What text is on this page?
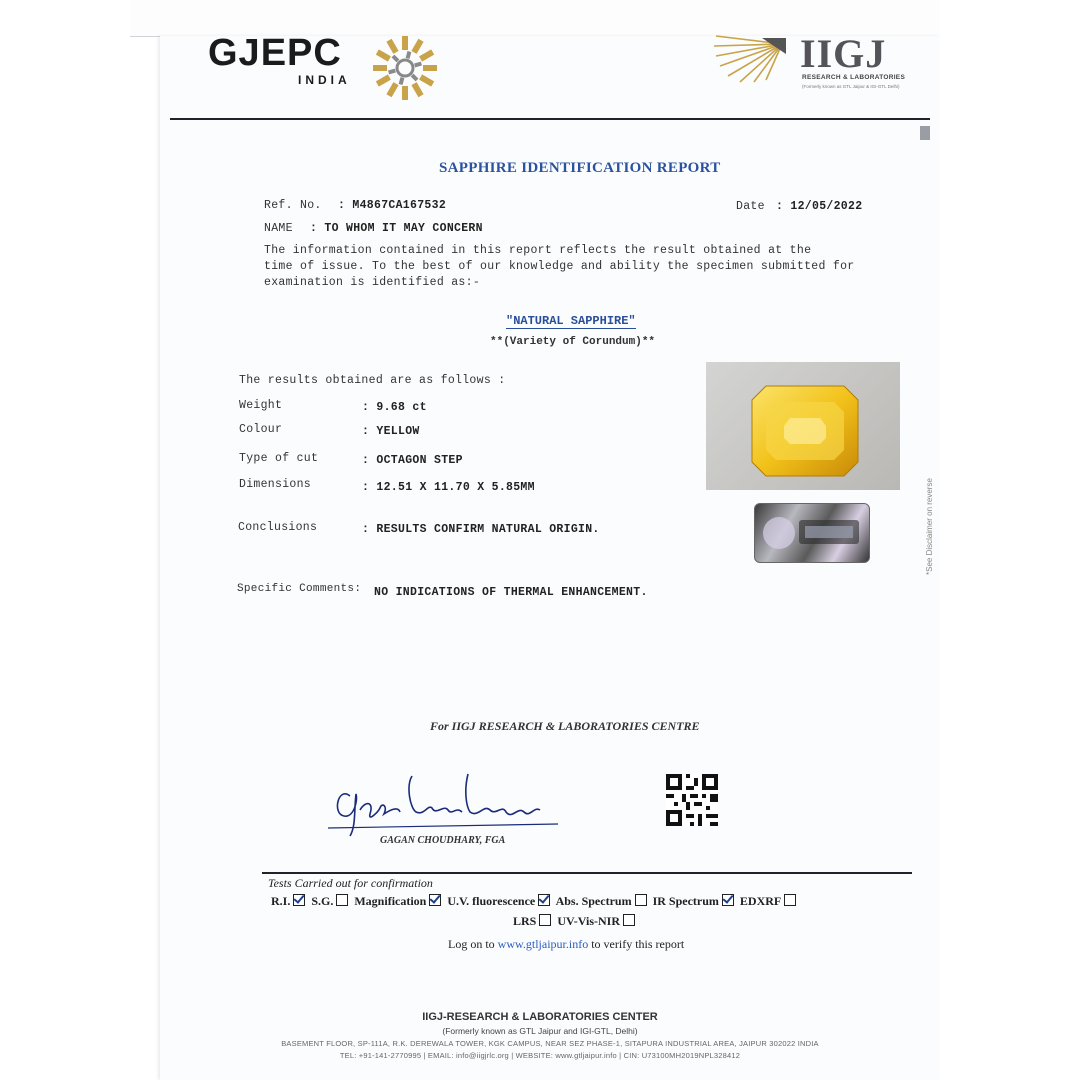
GJEPC
INDIA
IIGJ
RESEARCH & LABORATORIES
(Formerly known as GTL Jaipur & IGI-GTL Delhi)
SAPPHIRE IDENTIFICATION REPORT
Ref. No. : M4867CA167532	Date : 12/05/2022
NAME : TO WHOM IT MAY CONCERN
The information contained in this report reflects the result obtained at the
time of issue. To the best of our knowledge and ability the specimen submitted for
examination is identified as:-
"NATURAL SAPPHIRE"
**(Variety of Corundum)**
The results obtained are as follows :
Weight	: 9.68 ct
Colour	: YELLOW
Type of cut	: OCTAGON STEP
Dimensions	: 12.51 X 11.70 X 5.85MM
Conclusions	: RESULTS CONFIRM NATURAL ORIGIN.
Specific Comments: NO INDICATIONS OF THERMAL ENHANCEMENT.
For IIGJ RESEARCH & LABORATORIES CENTRE
GAGAN CHOUDHARY, FGA
Tests Carried out for confirmation
R.I. S.G. Magnification U.V. fluorescence Abs. Spectrum IR Spectrum EDXRF
LRS UV-Vis-NIR
Log on to www.gtljaipur.info to verify this report
IIGJ-RESEARCH & LABORATORIES CENTER
(Formerly known as GTL Jaipur and IGI-GTL, Delhi)
BASEMENT FLOOR, SP-111A, R.K. DEREWALA TOWER, KGK CAMPUS, NEAR SEZ PHASE-1, SITAPURA INDUSTRIAL AREA, JAIPUR 302022 INDIA
TEL: +91-141-2770995 | EMAIL: info@iigjrlc.org | WEBSITE: www.gtljaipur.info | CIN: U73100MH2019NPL328412
*See Disclaimer on reverse
